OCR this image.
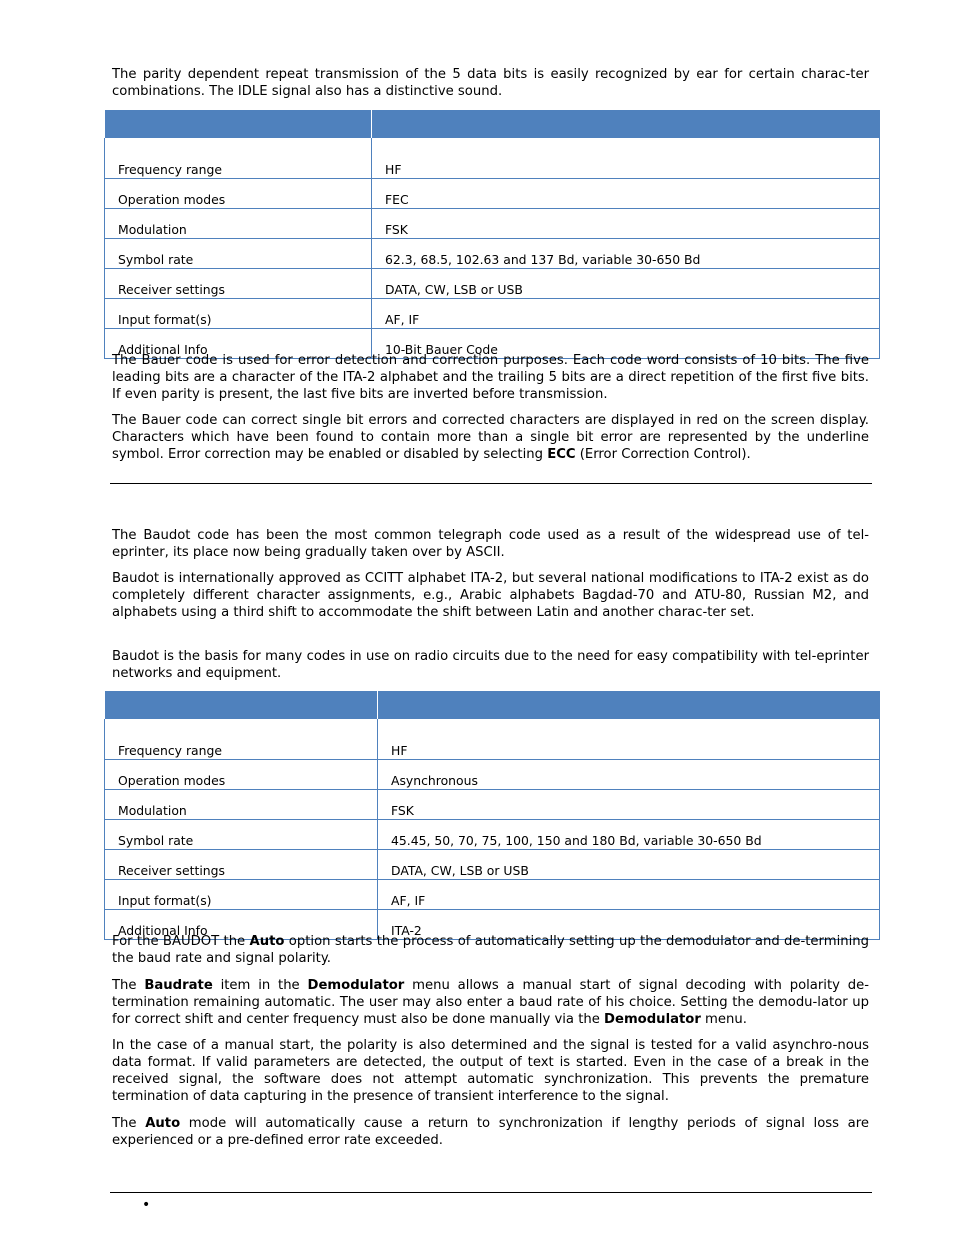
The parity dependent repeat transmission of the 5 data bits is easily recognized by ear for certain charac-ter combinations. The IDLE signal also has a distinctive sound.

Frequency range	HF
Operation modes	FEC
Modulation	FSK
Symbol rate	62.3, 68.5, 102.63 and 137 Bd, variable 30-650 Bd
Receiver settings	DATA, CW, LSB or USB
Input format(s)	AF, IF
Additional Info	10-Bit Bauer Code

The Bauer code is used for error detection and correction purposes. Each code word consists of 10 bits. The five leading bits are a character of the ITA-2 alphabet and the trailing 5 bits are a direct repetition of the first five bits. If even parity is present, the last five bits are inverted before transmission.

The Bauer code can correct single bit errors and corrected characters are displayed in red on the screen display. Characters which have been found to contain more than a single bit error are represented by the underline symbol. Error correction may be enabled or disabled by selecting ECC (Error Correction Control).

The Baudot code has been the most common telegraph code used as a result of the widespread use of tel-eprinter, its place now being gradually taken over by ASCII.

Baudot is internationally approved as CCITT alphabet ITA-2, but several national modifications to ITA-2 exist as do completely different character assignments, e.g., Arabic alphabets Bagdad-70 and ATU-80, Russian M2, and alphabets using a third shift to accommodate the shift between Latin and another charac-ter set.

Baudot is the basis for many codes in use on radio circuits due to the need for easy compatibility with tel-eprinter networks and equipment.

Frequency range	HF
Operation modes	Asynchronous
Modulation	FSK
Symbol rate	45.45, 50, 70, 75, 100, 150 and 180 Bd, variable 30-650 Bd
Receiver settings	DATA, CW, LSB or USB
Input format(s)	AF, IF
Additional Info	ITA-2

For the BAUDOT the Auto option starts the process of automatically setting up the demodulator and de-termining the baud rate and signal polarity.

The Baudrate item in the Demodulator menu allows a manual start of signal decoding with polarity de-termination remaining automatic. The user may also enter a baud rate of his choice. Setting the demodu-lator up for correct shift and center frequency must also be done manually via the Demodulator menu.

In the case of a manual start, the polarity is also determined and the signal is tested for a valid asynchro-nous data format. If valid parameters are detected, the output of text is started. Even in the case of a break in the received signal, the software does not attempt automatic synchronization. This prevents the premature termination of data capturing in the presence of transient interference to the signal.

The Auto mode will automatically cause a return to synchronization if lengthy periods of signal loss are experienced or a pre-defined error rate exceeded.

•
